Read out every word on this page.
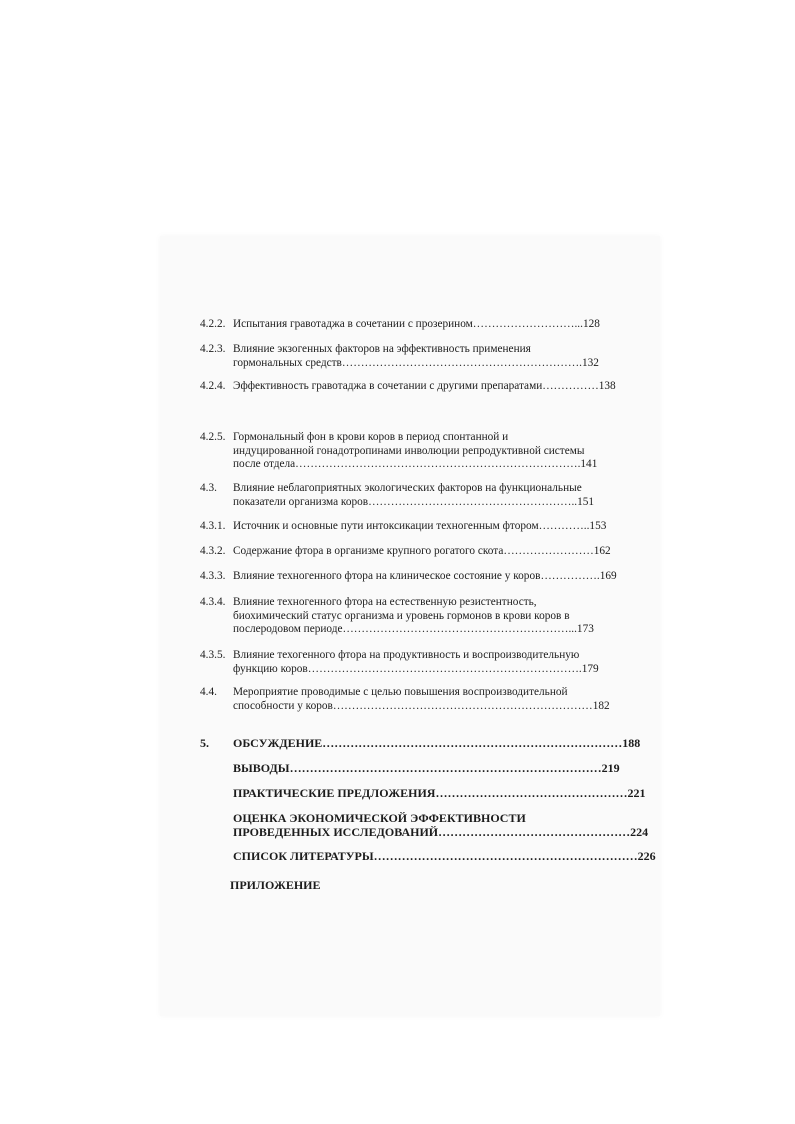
4.2.2. Испытания гравотаджа в сочетании с прозерином………………………...128
4.2.3. Влияние экзогенных факторов на эффективность применения
гормональных средств……………………………………………………….132
4.2.4. Эффективность гравотаджа в сочетании с другими препаратами……………138
4.2.5. Гормональный фон в крови коров в период спонтанной и
индуцированной гонадотропинами инволюции репродуктивной системы
после отдела………………………………………………………………….141
4.3. Влияние неблагоприятных экологических факторов на функциональные
показатели организма коров………………………………………………..151
4.3.1. Источник и основные пути интоксикации техногенным фтором…………..153
4.3.2. Содержание фтора в организме крупного рогатого скота……………………162
4.3.3. Влияние техногенного фтора на клиническое состояние у коров…………….169
4.3.4. Влияние техногенного фтора на естественную резистентность,
биохимический статус организма и уровень гормонов в крови коров в
послеродовом периоде……………………………………………………...173
4.3.5. Влияние техогенного фтора на продуктивность и воспроизводительную
функцию коров……………………………………………………………….179
4.4. Мероприятие проводимые с целью повышения воспроизводительной
способности у коров……………………………………………………………182
5. ОБСУЖДЕНИЕ…………………………………………………………………188
ВЫВОДЫ……………………………………………………………………219
ПРАКТИЧЕСКИЕ ПРЕДЛОЖЕНИЯ…………………………………………221
ОЦЕНКА ЭКОНОМИЧЕСКОЙ ЭФФЕКТИВНОСТИ
ПРОВЕДЕННЫХ ИССЛЕДОВАНИЙ…………………………………………224
СПИСОК ЛИТЕРАТУРЫ…………………………………………………………226
ПРИЛОЖЕНИЕ
